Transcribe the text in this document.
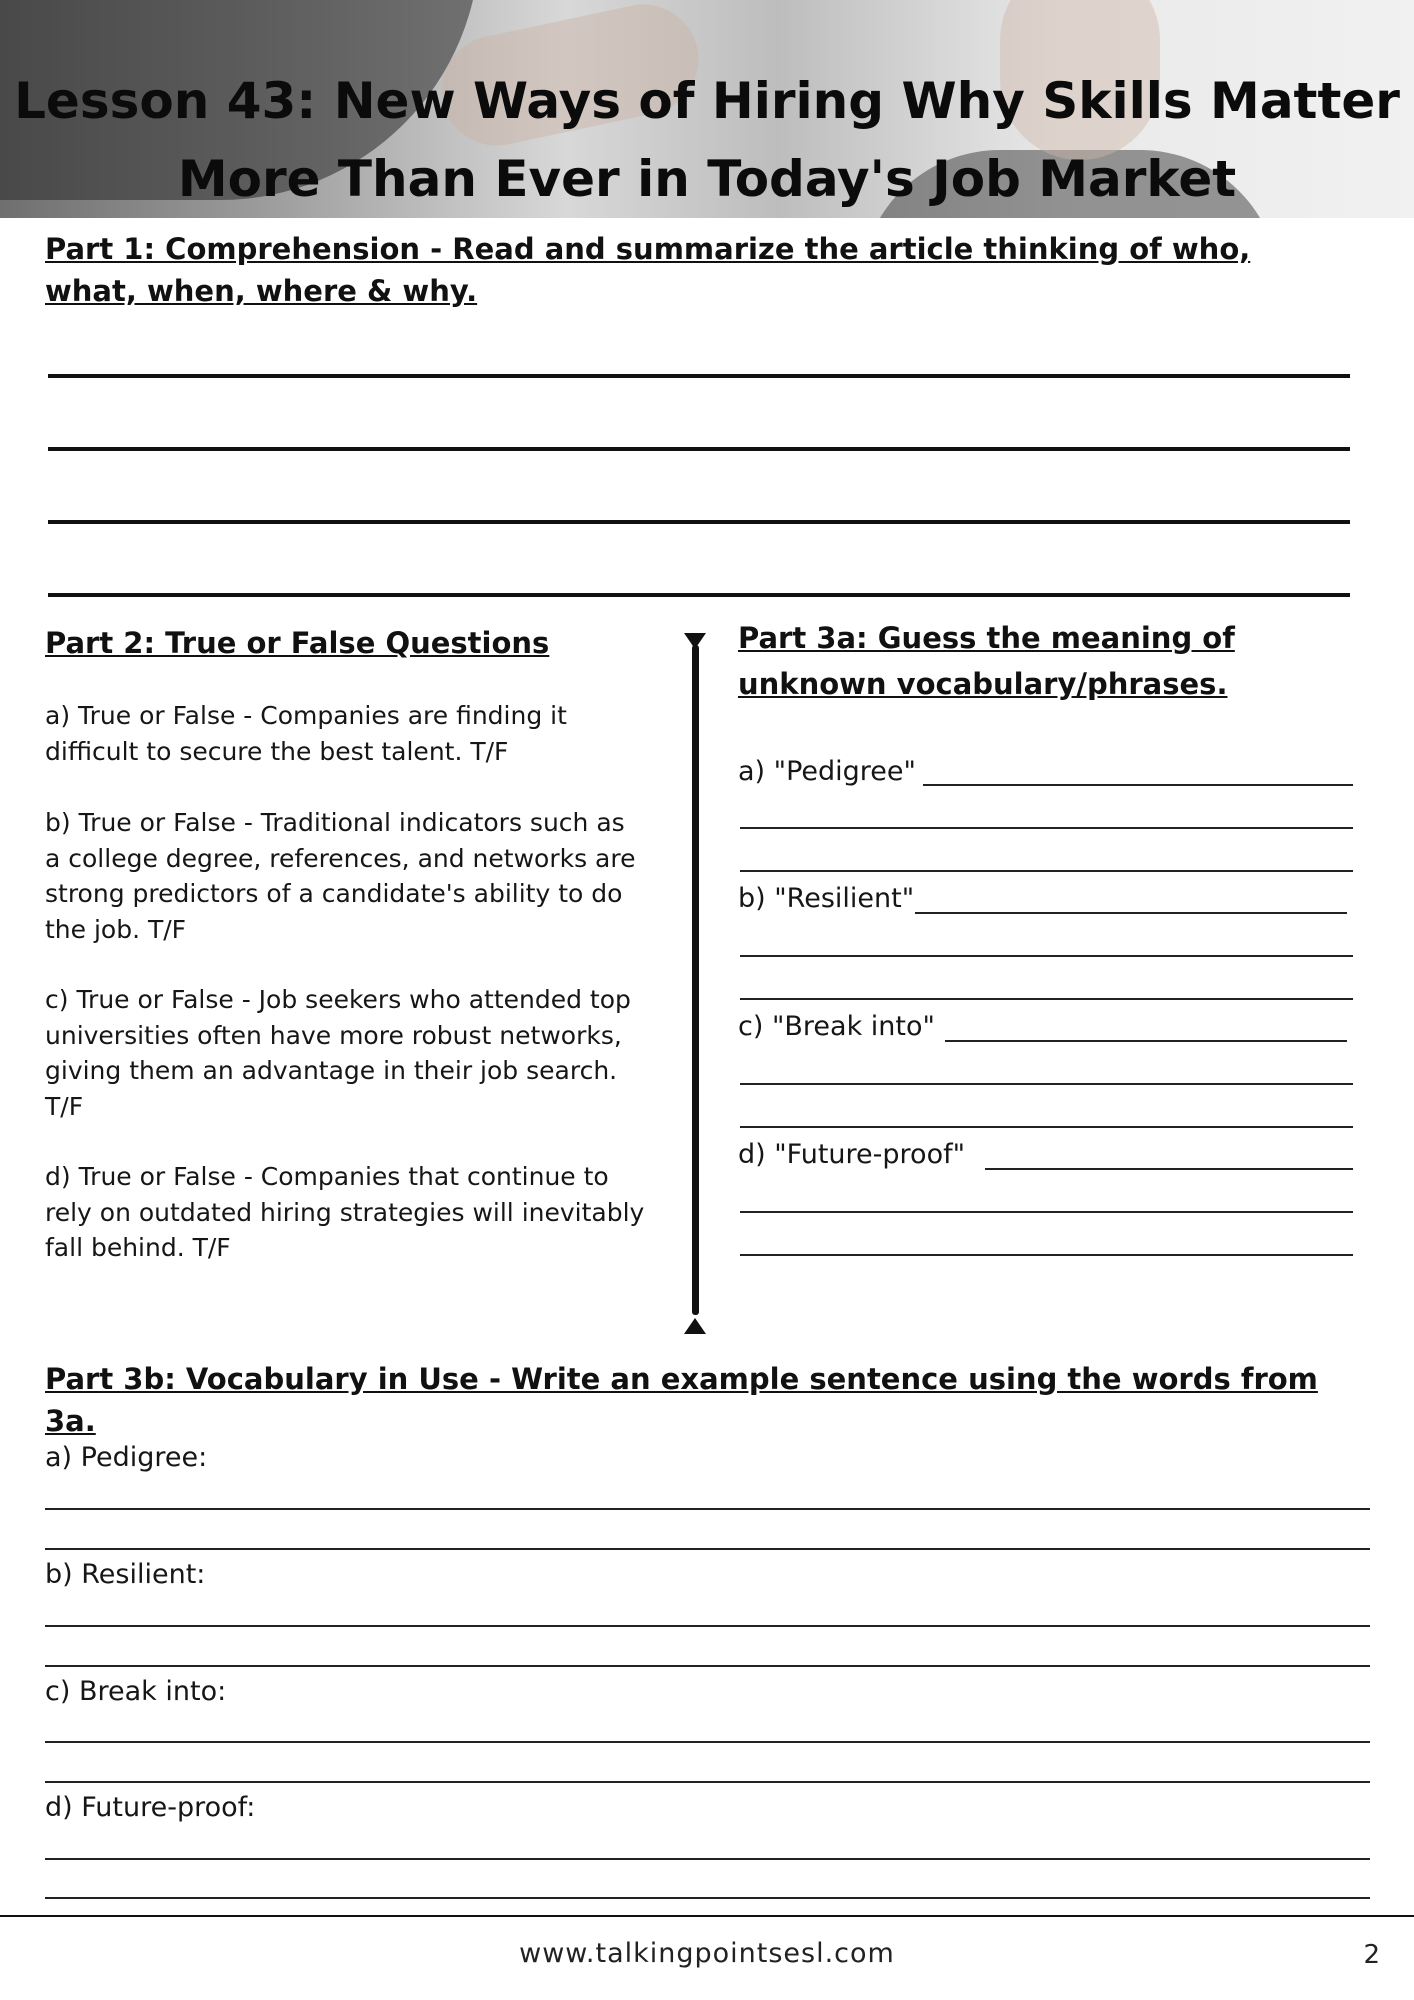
Lesson 43: New Ways of Hiring Why Skills Matter
More Than Ever in Today's Job Market
Part 1: Comprehension - Read and summarize the article thinking of who, what, when, where & why.
Part 2: True or False Questions

a) True or False - Companies are finding it difficult to secure the best talent. T/F

b) True or False - Traditional indicators such as a college degree, references, and networks are strong predictors of a candidate's ability to do the job. T/F

c) True or False - Job seekers who attended top universities often have more robust networks, giving them an advantage in their job search. T/F

d) True or False - Companies that continue to rely on outdated hiring strategies will inevitably fall behind. T/F

Part 3a: Guess the meaning of unknown vocabulary/phrases.

a) "Pedigree"

b) "Resilient"

c) "Break into"

d) "Future-proof"

Part 3b: Vocabulary in Use - Write an example sentence using the words from 3a.

a) Pedigree:

b) Resilient:

c) Break into:

d) Future-proof:

www.talkingpointsesl.com	2
